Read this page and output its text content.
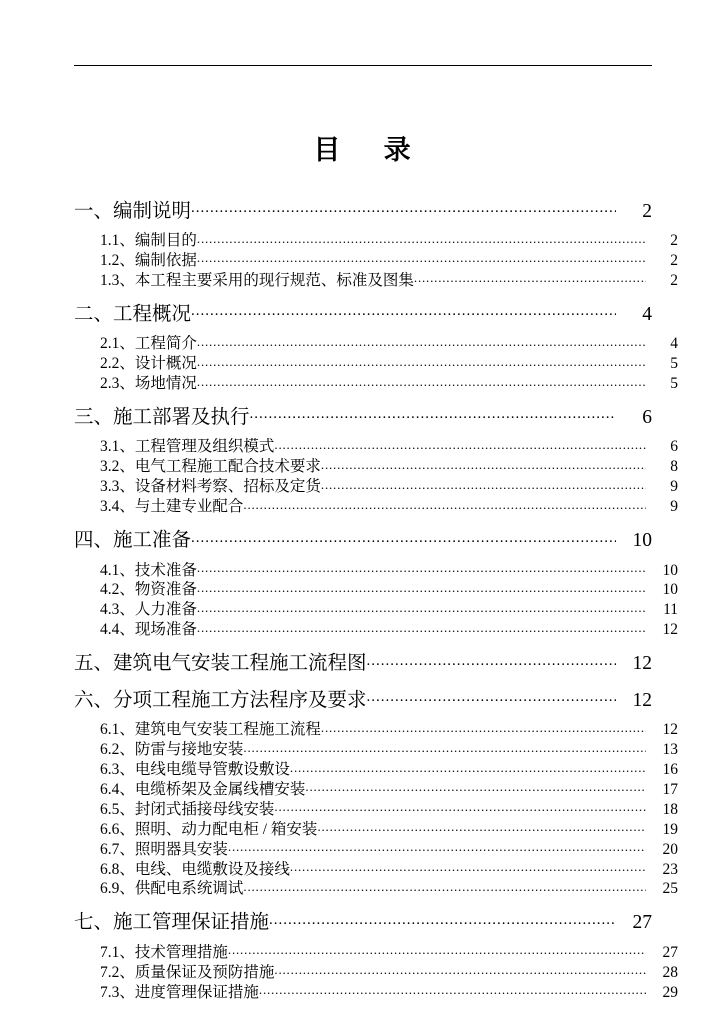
目　录
一、编制说明 .....	2
1.1、编制目的 .....	2
1.2、编制依据 .....	2
1.3、本工程主要采用的现行规范、标准及图集 .....	2
二、工程概况 .....	4
2.1、工程简介 .....	4
2.2、设计概况 .....	5
2.3、场地情况 .....	5
三、施工部署及执行 .....	6
3.1、工程管理及组织模式 .....	6
3.2、电气工程施工配合技术要求 .....	8
3.3、设备材料考察、招标及定货 .....	9
3.4、与土建专业配合 .....	9
四、施工准备 .....	10
4.1、技术准备 .....	10
4.2、物资准备 .....	10
4.3、人力准备 .....	11
4.4、现场准备 .....	12
五、建筑电气安装工程施工流程图 .....	12
六、分项工程施工方法程序及要求 .....	12
6.1、建筑电气安装工程施工流程 .....	12
6.2、防雷与接地安装 .....	13
6.3、电线电缆导管敷设敷设 .....	16
6.4、电缆桥架及金属线槽安装 .....	17
6.5、封闭式插接母线安装 .....	18
6.6、照明、动力配电柜 / 箱安装 .....	19
6.7、照明器具安装 .....	20
6.8、电线、电缆敷设及接线 .....	23
6.9、供配电系统调试 .....	25
七、施工管理保证措施 .....	27
7.1、技术管理措施 .....	27
7.2、质量保证及预防措施 .....	28
7.3、进度管理保证措施 .....	29
